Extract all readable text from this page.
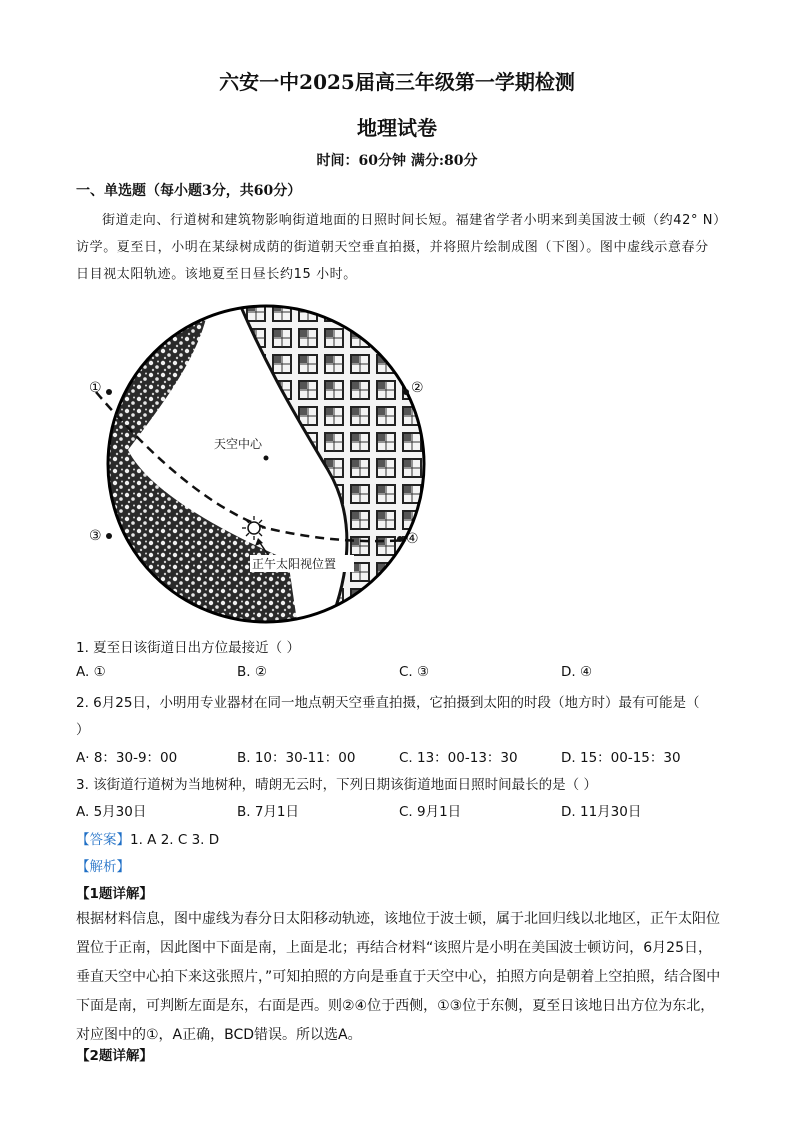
六安一中2025届高三年级第一学期检测
地理试卷
时间：60分钟 满分:80分
一、单选题（每小题3分，共60分）
街道走向、行道树和建筑物影响街道地面的日照时间长短。福建省学者小明来到美国波士顿（约42° N）访学。夏至日，小明在某绿树成荫的街道朝天空垂直拍摄，并将照片绘制成图（下图）。图中虚线示意春分日目视太阳轨迹。该地夏至日昼长约15 小时。
天空中心
正午太阳视位置
①	②
③	④
1. 夏至日该街道日出方位最接近（ ）
A. ①	B. ②	C. ③	D. ④
2. 6月25日，小明用专业器材在同一地点朝天空垂直拍摄，它拍摄到太阳的时段（地方时）最有可能是（
）
A· 8：30-9：00	B. 10：30-11：00	C. 13：00-13：30	D. 15：00-15：30
3. 该街道行道树为当地树种，晴朗无云时，下列日期该街道地面日照时间最长的是（ ）
A. 5月30日	B. 7月1日	C. 9月1日	D. 11月30日
【答案】1. A 2. C 3. D
【解析】
【1题详解】
根据材料信息，图中虚线为春分日太阳移动轨迹，该地位于波士顿，属于北回归线以北地区，正午太阳位置位于正南，因此图中下面是南，上面是北；再结合材料“该照片是小明在美国波士顿访问，6月25日，垂直天空中心拍下来这张照片，”可知拍照的方向是垂直于天空中心，拍照方向是朝着上空拍照，结合图中下面是南，可判断左面是东，右面是西。则②④位于西侧，①③位于东侧，夏至日该地日出方位为东北，对应图中的①，A正确，BCD错误。所以选A。
【2题详解】
